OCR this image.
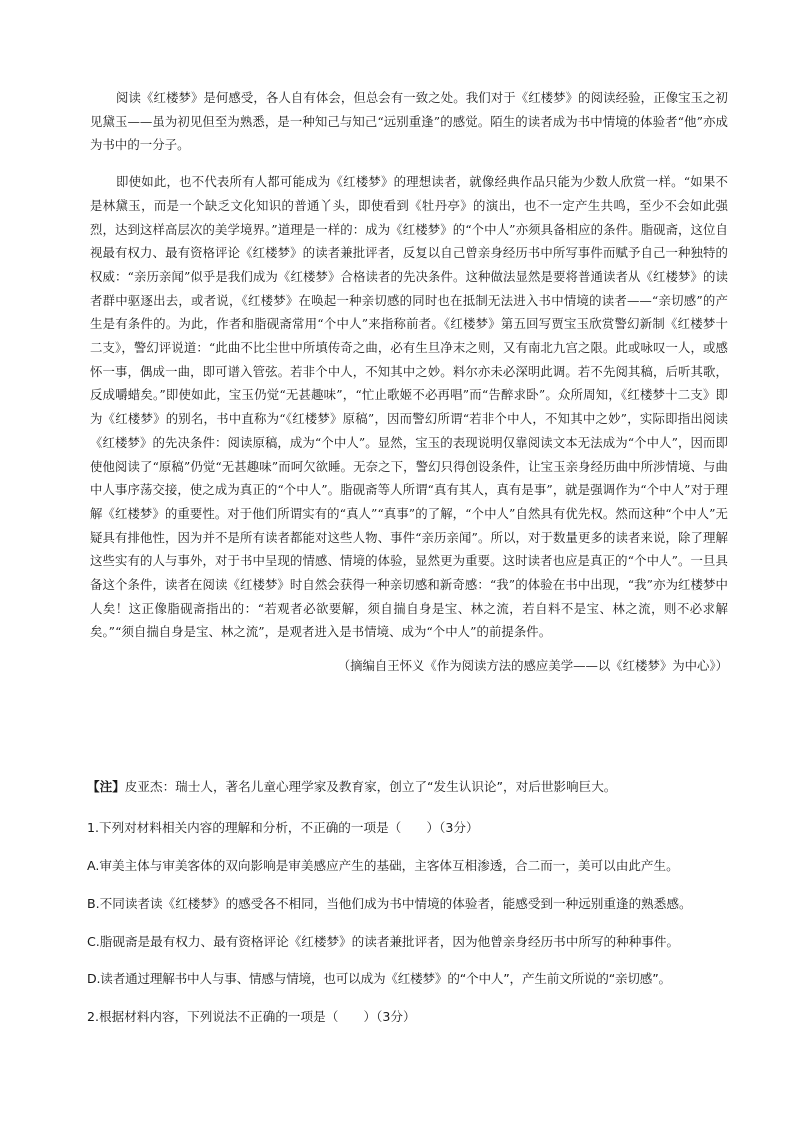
阅读《红楼梦》是何感受，各人自有体会，但总会有一致之处。我们对于《红楼梦》的阅读经验，正像宝玉之初见黛玉——虽为初见但至为熟悉，是一种知己与知己“远别重逢”的感觉。陌生的读者成为书中情境的体验者“他”亦成为书中的一分子。

即使如此，也不代表所有人都可能成为《红楼梦》的理想读者，就像经典作品只能为少数人欣赏一样。“如果不是林黛玉，而是一个缺乏文化知识的普通丫头，即使看到《牡丹亭》的演出，也不一定产生共鸣，至少不会如此强烈，达到这样高层次的美学境界。”道理是一样的：成为《红楼梦》的“个中人”亦须具备相应的条件。脂砚斋，这位自视最有权力、最有资格评论《红楼梦》的读者兼批评者，反复以自己曾亲身经历书中所写事件而赋予自己一种独特的权威：“亲历亲闻”似乎是我们成为《红楼梦》合格读者的先决条件。这种做法显然是要将普通读者从《红楼梦》的读者群中驱逐出去，或者说，《红楼梦》在唤起一种亲切感的同时也在抵制无法进入书中情境的读者——“亲切感”的产生是有条件的。为此，作者和脂砚斋常用“个中人”来指称前者。《红楼梦》第五回写贾宝玉欣赏警幻新制《红楼梦十二支》，警幻评说道：“此曲不比尘世中所填传奇之曲，必有生旦净末之则，又有南北九宫之限。此或咏叹一人，或感怀一事，偶成一曲，即可谱入管弦。若非个中人，不知其中之妙。料尔亦未必深明此调。若不先阅其稿，后听其歌，反成嚼蜡矣。”即使如此，宝玉仍觉“无甚趣味”，“忙止歌姬不必再唱”而“告醉求卧”。众所周知，《红楼梦十二支》即为《红楼梦》的别名，书中直称为“《红楼梦》原稿”，因而警幻所谓“若非个中人，不知其中之妙”，实际即指出阅读《红楼梦》的先决条件：阅读原稿，成为“个中人”。显然，宝玉的表现说明仅靠阅读文本无法成为“个中人”，因而即使他阅读了“原稿”仍觉“无甚趣味”而呵欠欲睡。无奈之下，警幻只得创设条件，让宝玉亲身经历曲中所涉情境、与曲中人事序荡交接，使之成为真正的“个中人”。脂砚斋等人所谓“真有其人，真有是事”，就是强调作为“个中人”对于理解《红楼梦》的重要性。对于他们所谓实有的“真人”“真事”的了解，“个中人”自然具有优先权。然而这种“个中人”无疑具有排他性，因为并不是所有读者都能对这些人物、事件“亲历亲闻”。所以，对于数量更多的读者来说，除了理解这些实有的人与事外，对于书中呈现的情感、情境的体验，显然更为重要。这时读者也应是真正的“个中人”。一旦具备这个条件，读者在阅读《红楼梦》时自然会获得一种亲切感和新奇感：“我”的体验在书中出现，“我”亦为红楼梦中人矣！这正像脂砚斋指出的：“若观者必欲要解，须自揣自身是宝、林之流，若自料不是宝、林之流，则不必求解矣。”“须自揣自身是宝、林之流”，是观者进入是书情境、成为“个中人”的前提条件。

（摘编自王怀义《作为阅读方法的感应美学——以《红楼梦》为中心》）
【注】皮亚杰：瑞士人，著名儿童心理学家及教育家，创立了“发生认识论”，对后世影响巨大。
1.下列对材料相关内容的理解和分析，不正确的一项是（　　）（3分）
A.审美主体与审美客体的双向影响是审美感应产生的基础，主客体互相渗透，合二而一，美可以由此产生。
B.不同读者读《红楼梦》的感受各不相同，当他们成为书中情境的体验者，能感受到一种远别重逢的熟悉感。
C.脂砚斋是最有权力、最有资格评论《红楼梦》的读者兼批评者，因为他曾亲身经历书中所写的种种事件。
D.读者通过理解书中人与事、情感与情境，也可以成为《红楼梦》的“个中人”，产生前文所说的“亲切感”。
2.根据材料内容，下列说法不正确的一项是（　　）（3分）
